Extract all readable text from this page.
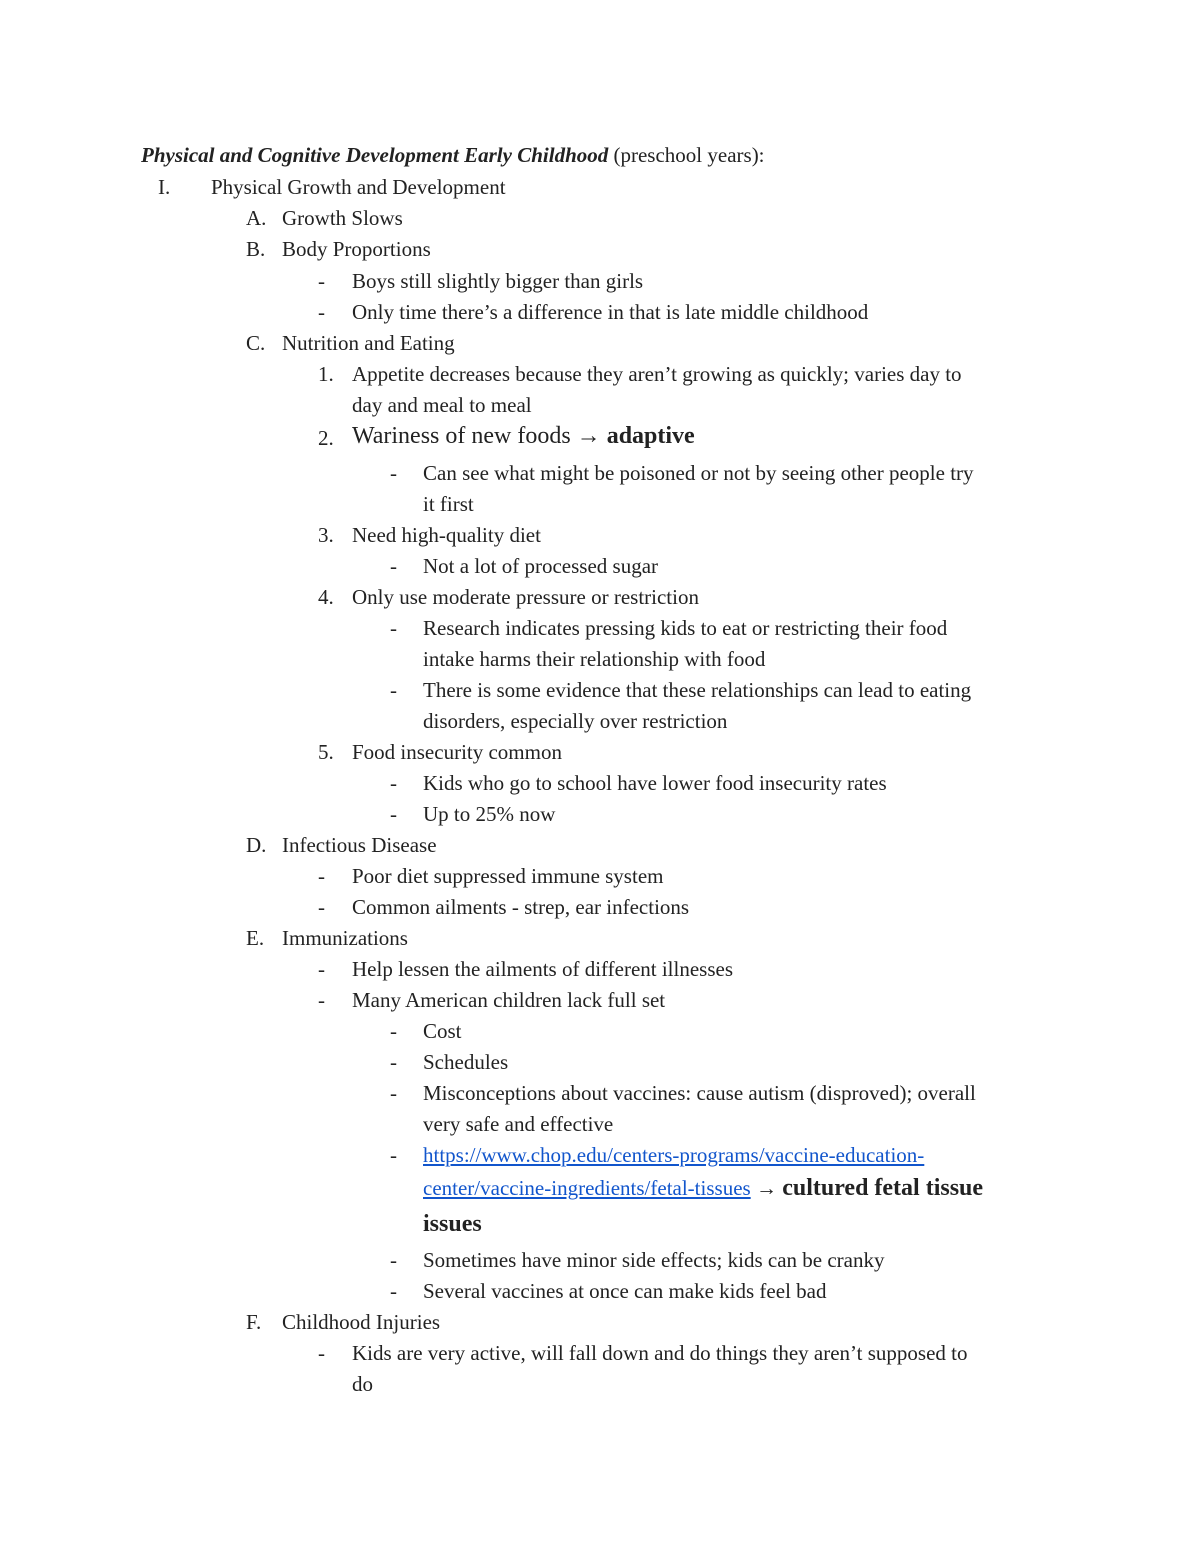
Physical and Cognitive Development Early Childhood (preschool years):
I. Physical Growth and Development
A. Growth Slows
B. Body Proportions
- Boys still slightly bigger than girls
- Only time there’s a difference in that is late middle childhood
C. Nutrition and Eating
1. Appetite decreases because they aren’t growing as quickly; varies day to
day and meal to meal
2. Wariness of new foods → adaptive
- Can see what might be poisoned or not by seeing other people try
it first
3. Need high-quality diet
- Not a lot of processed sugar
4. Only use moderate pressure or restriction
- Research indicates pressing kids to eat or restricting their food
intake harms their relationship with food
- There is some evidence that these relationships can lead to eating
disorders, especially over restriction
5. Food insecurity common
- Kids who go to school have lower food insecurity rates
- Up to 25% now
D. Infectious Disease
- Poor diet suppressed immune system
- Common ailments - strep, ear infections
E. Immunizations
- Help lessen the ailments of different illnesses
- Many American children lack full set
- Cost
- Schedules
- Misconceptions about vaccines: cause autism (disproved); overall
very safe and effective
- https://www.chop.edu/centers-programs/vaccine-education-
center/vaccine-ingredients/fetal-tissues → cultured fetal tissue
issues
- Sometimes have minor side effects; kids can be cranky
- Several vaccines at once can make kids feel bad
F. Childhood Injuries
- Kids are very active, will fall down and do things they aren’t supposed to
do
